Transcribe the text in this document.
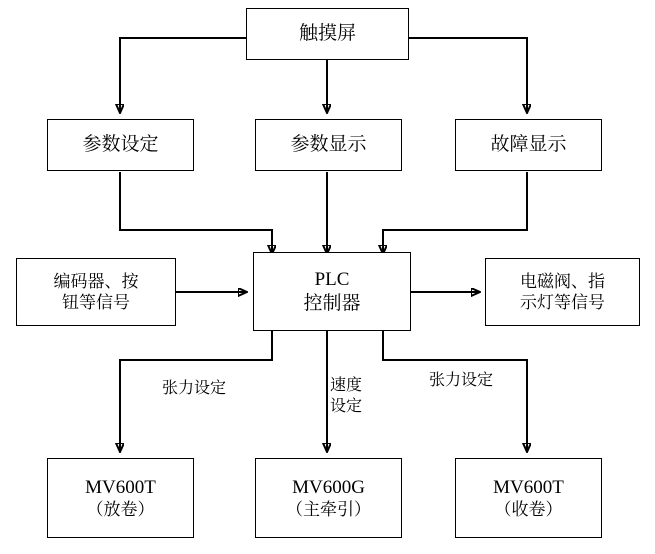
触摸屏
参数设定	参数显示	故障显示
编码器、按
钮等信号
PLC
控制器
电磁阀、指
示灯等信号
张力设定	速度
设定
张力设定
MV600T
（放卷）
MV600G
（主牵引）
MV600T
（收卷）
